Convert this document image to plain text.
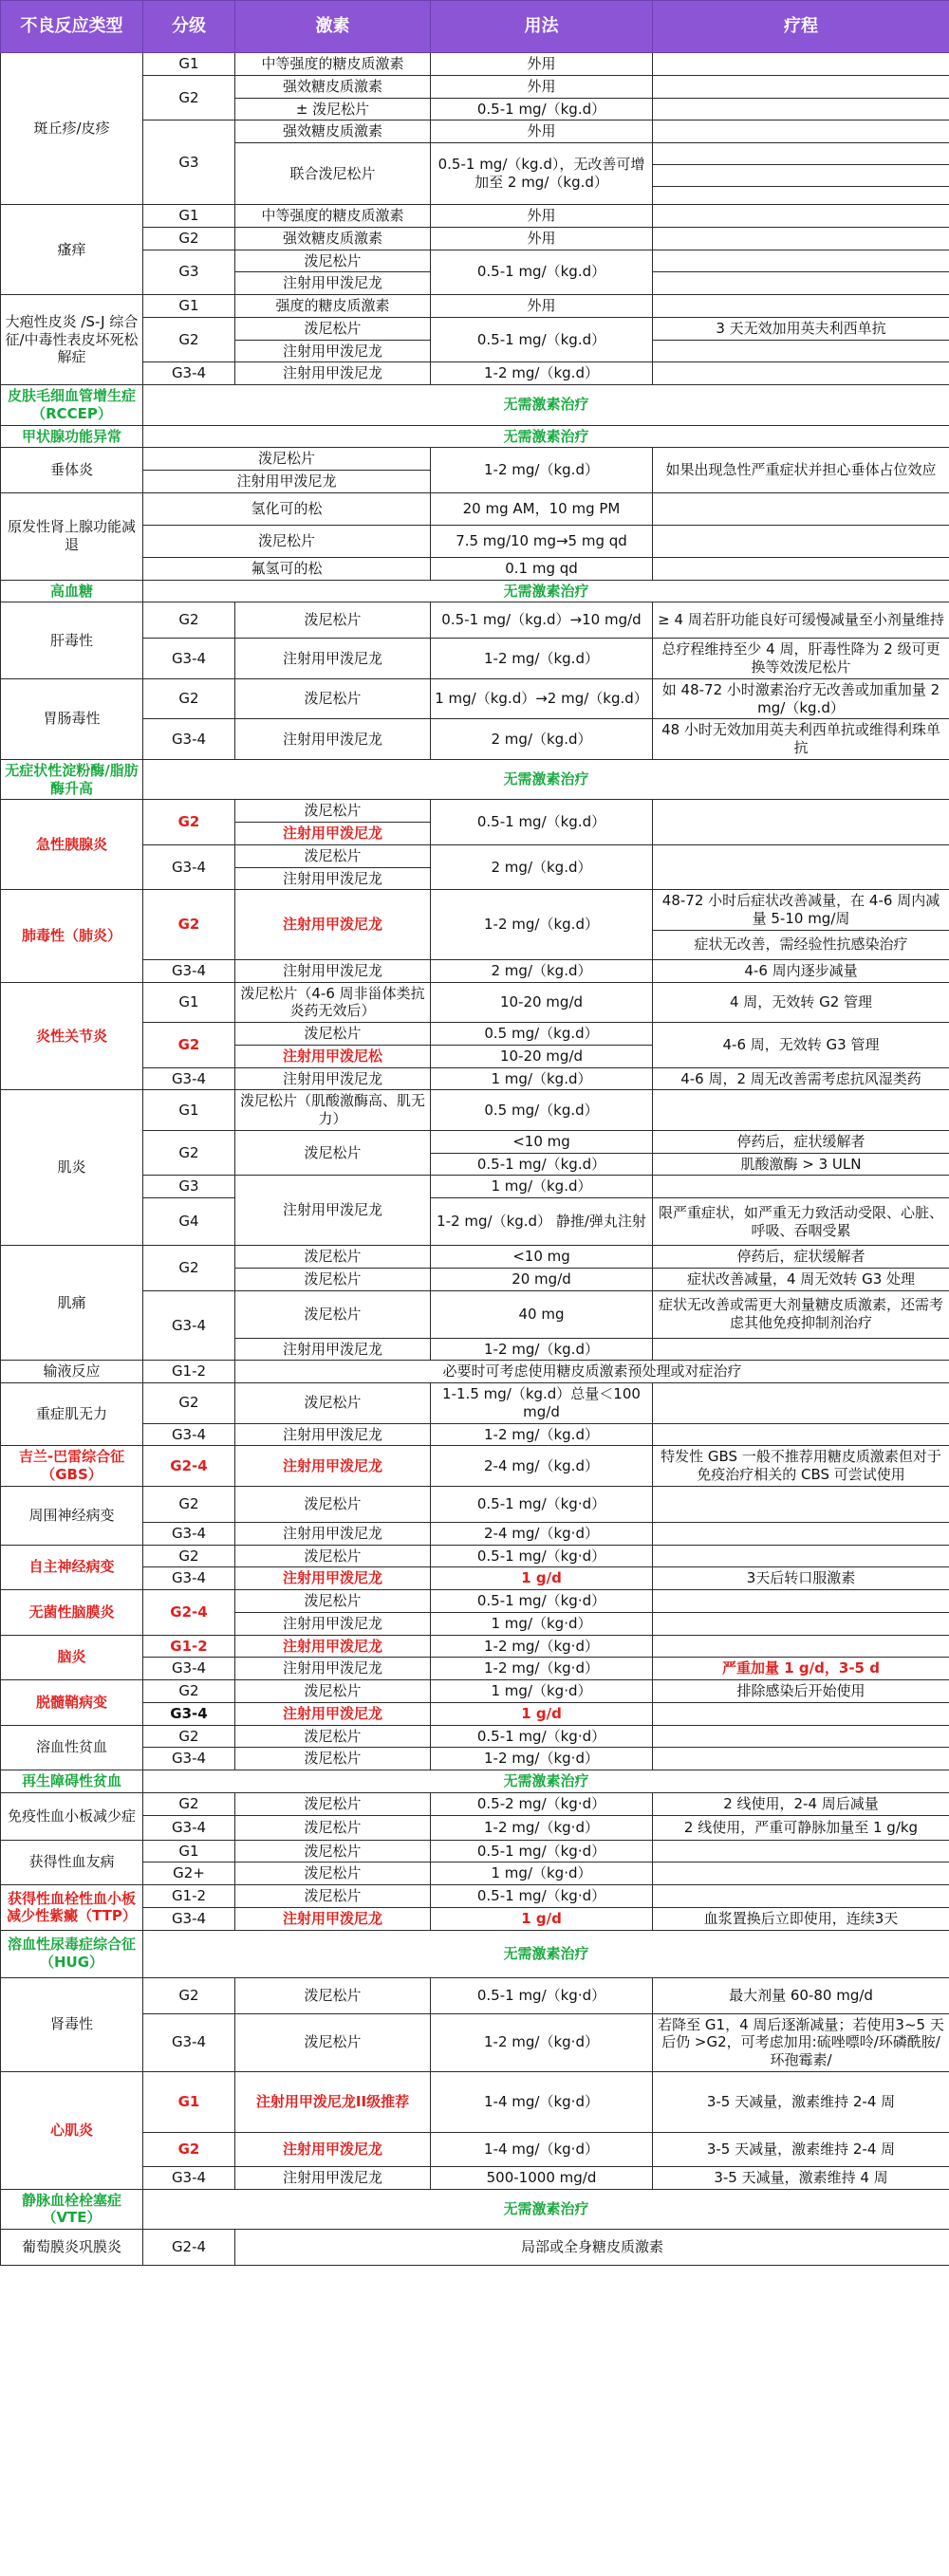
不良反应类型	分级	激素	用法	疗程
斑丘疹/皮疹	G1	中等强度的糖皮质激素	外用	
	G2	强效糖皮质激素	外用	
		± 泼尼松片	0.5-1 mg/（kg.d）	
	G3	强效糖皮质激素	外用	
		联合泼尼松片	0.5-1 mg/（kg.d），无改善可增加至 2 mg/（kg.d）	

瘙痒	G1	中等强度的糖皮质激素	外用	
	G2	强效糖皮质激素	外用	
	G3	泼尼松片	0.5-1 mg/（kg.d）	
		注射用甲泼尼龙		
大疱性皮炎 /S-J 综合征/中毒性表皮坏死松解症	G1	强度的糖皮质激素	外用	
	G2	泼尼松片	0.5-1 mg/（kg.d）	3 天无效加用英夫利西单抗
		注射用甲泼尼龙		
	G3-4	注射用甲泼尼龙	1-2 mg/（kg.d）	
皮肤毛细血管增生症（RCCEP）	无需激素治疗			
甲状腺功能异常	无需激素治疗			
垂体炎	泼尼松片		1-2 mg/（kg.d）	如果出现急性严重症状并担心垂体占位效应
	注射用甲泼尼龙			
原发性肾上腺功能减退	氢化可的松		20 mg AM，10 mg PM	
	泼尼松片		7.5 mg/10 mg→5 mg qd	
	氟氢可的松		0.1 mg qd	
高血糖	无需激素治疗			
肝毒性	G2	泼尼松片	0.5-1 mg/（kg.d）→10 mg/d	≥ 4 周若肝功能良好可缓慢减量至小剂量维持
	G3-4	注射用甲泼尼龙	1-2 mg/（kg.d）	总疗程维持至少 4 周，肝毒性降为 2 级可更换等效泼尼松片
胃肠毒性	G2	泼尼松片	1 mg/（kg.d）→2 mg/（kg.d）	如 48-72 小时激素治疗无改善或加重加量 2 mg/（kg.d）
	G3-4	注射用甲泼尼龙	2 mg/（kg.d）	48 小时无效加用英夫利西单抗或维得利珠单抗
无症状性淀粉酶/脂肪酶升高	无需激素治疗			
急性胰腺炎	G2	泼尼松片	0.5-1 mg/（kg.d）	
		注射用甲泼尼龙		
	G3-4	泼尼松片	2 mg/（kg.d）	
		注射用甲泼尼龙		
肺毒性（肺炎）	G2	注射用甲泼尼龙	1-2 mg/（kg.d）	48-72 小时后症状改善减量，在 4-6 周内减量 5-10 mg/周
				症状无改善，需经验性抗感染治疗
	G3-4	注射用甲泼尼龙	2 mg/（kg.d）	4-6 周内逐步减量
炎性关节炎	G1	泼尼松片（4-6 周非甾体类抗炎药无效后）	10-20 mg/d	4 周，无效转 G2 管理
	G2	泼尼松片	0.5 mg/（kg.d）	4-6 周，无效转 G3 管理
		注射用甲泼尼松	10-20 mg/d	
	G3-4	注射用甲泼尼龙	1 mg/（kg.d）	4-6 周，2 周无改善需考虑抗风湿类药
肌炎	G1	泼尼松片（肌酸激酶高、肌无力）	0.5 mg/（kg.d）	
	G2	泼尼松片	<10 mg	停药后，症状缓解者
			0.5-1 mg/（kg.d）	肌酸激酶 > 3 ULN
	G3	注射用甲泼尼龙	1 mg/（kg.d）	
	G4		1-2 mg/（kg.d） 静推/弹丸注射	限严重症状，如严重无力致活动受限、心脏、呼吸、吞咽受累
肌痛	G2	泼尼松片	<10 mg	停药后，症状缓解者
		泼尼松片	20 mg/d	症状改善减量，4 周无效转 G3 处理
	G3-4	泼尼松片	40 mg	症状无改善或需更大剂量糖皮质激素，还需考虑其他免疫抑制剂治疗

		注射用甲泼尼龙	1-2 mg/（kg.d）	
输液反应	G1-2	必要时可考虑使用糖皮质激素预处理或对症治疗		
重症肌无力	G2	泼尼松片	1-1.5 mg/（kg.d）总量＜100 mg/d	
	G3-4	注射用甲泼尼龙	1-2 mg/（kg.d）	
吉兰-巴雷综合征（GBS）	G2-4	注射用甲泼尼龙	2-4 mg/（kg.d）	特发性 GBS 一般不推荐用糖皮质激素但对于免疫治疗相关的 CBS 可尝试使用
周围神经病变	G2	泼尼松片	0.5-1 mg/（kg·d）	
	G3-4	注射用甲泼尼龙	2-4 mg/（kg·d）	
自主神经病变	G2	泼尼松片	0.5-1 mg/（kg·d）	
	G3-4	注射用甲泼尼龙	1 g/d	3天后转口服激素
无菌性脑膜炎	G2-4	泼尼松片	0.5-1 mg/（kg·d）	
		注射用甲泼尼龙	1 mg/（kg·d）	
脑炎	G1-2	注射用甲泼尼龙	1-2 mg/（kg·d）	
	G3-4	注射用甲泼尼龙	1-2 mg/（kg·d）	严重加量 1 g/d，3-5 d
脱髓鞘病变	G2	泼尼松片	1 mg/（kg·d）	排除感染后开始使用
	G3-4	注射用甲泼尼龙	1 g/d	
溶血性贫血	G2	泼尼松片	0.5-1 mg/（kg·d）	
	G3-4	泼尼松片	1-2 mg/（kg·d）	
再生障碍性贫血	无需激素治疗			
免疫性血小板减少症	G2	泼尼松片	0.5-2 mg/（kg·d）	2 线使用，2-4 周后减量
	G3-4	泼尼松片	1-2 mg/（kg·d）	2 线使用，严重可静脉加量至 1 g/kg
获得性血友病	G1	泼尼松片	0.5-1 mg/（kg·d）	
	G2+	泼尼松片	1 mg/（kg·d）	
获得性血栓性血小板减少性紫癜（TTP）	G1-2	泼尼松片	0.5-1 mg/（kg·d）	
	G3-4	注射用甲泼尼龙	1 g/d	血浆置换后立即使用，连续3天
溶血性尿毒症综合征（HUG）	无需激素治疗			
肾毒性	G2	泼尼松片	0.5-1 mg/（kg·d）	最大剂量 60-80 mg/d
	G3-4	泼尼松片	1-2 mg/（kg·d）	若降至 G1，4 周后逐渐减量；若使用3~5 天后仍 >G2，可考虑加用:硫唑嘌呤/环磷酰胺/环孢霉素/
心肌炎	G1	注射用甲泼尼龙II级推荐	1-4 mg/（kg·d）	3-5 天减量，激素维持 2-4 周
	G2	注射用甲泼尼龙	1-4 mg/（kg·d）	3-5 天减量，激素维持 2-4 周
	G3-4	注射用甲泼尼龙	500-1000 mg/d	3-5 天减量，激素维持 4 周
静脉血栓栓塞症（VTE）	无需激素治疗			
葡萄膜炎巩膜炎	G2-4	局部或全身糖皮质激素		
